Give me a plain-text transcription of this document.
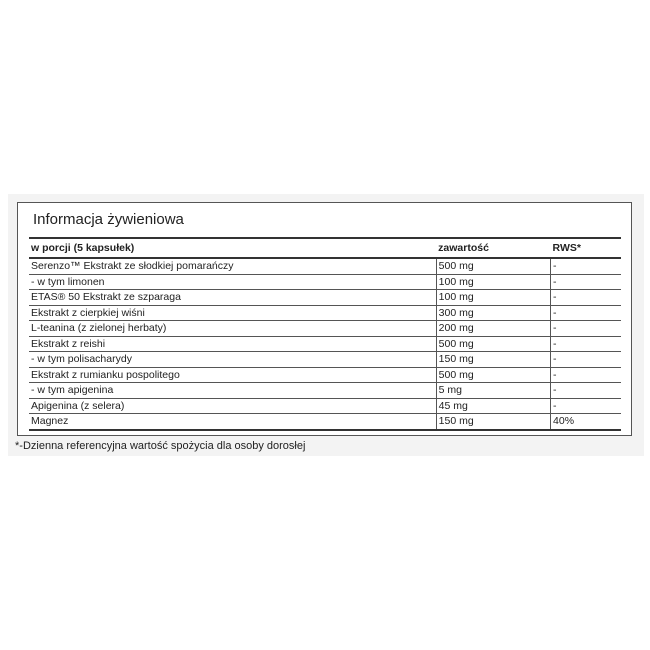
Informacja żywieniowa
w porcji (5 kapsułek)	zawartość	RWS*
Serenzo™ Ekstrakt ze słodkiej pomarańczy	500 mg	-
- w tym limonen	100 mg	-
ETAS® 50 Ekstrakt ze szparaga	100 mg	-
Ekstrakt z cierpkiej wiśni	300 mg	-
L-teanina (z zielonej herbaty)	200 mg	-
Ekstrakt z reishi	500 mg	-
- w tym polisacharydy	150 mg	-
Ekstrakt z rumianku pospolitego	500 mg	-
- w tym apigenina	5 mg	-
Apigenina (z selera)	45 mg	-
Magnez	150 mg	40%
*-Dzienna referencyjna wartość spożycia dla osoby dorosłej
